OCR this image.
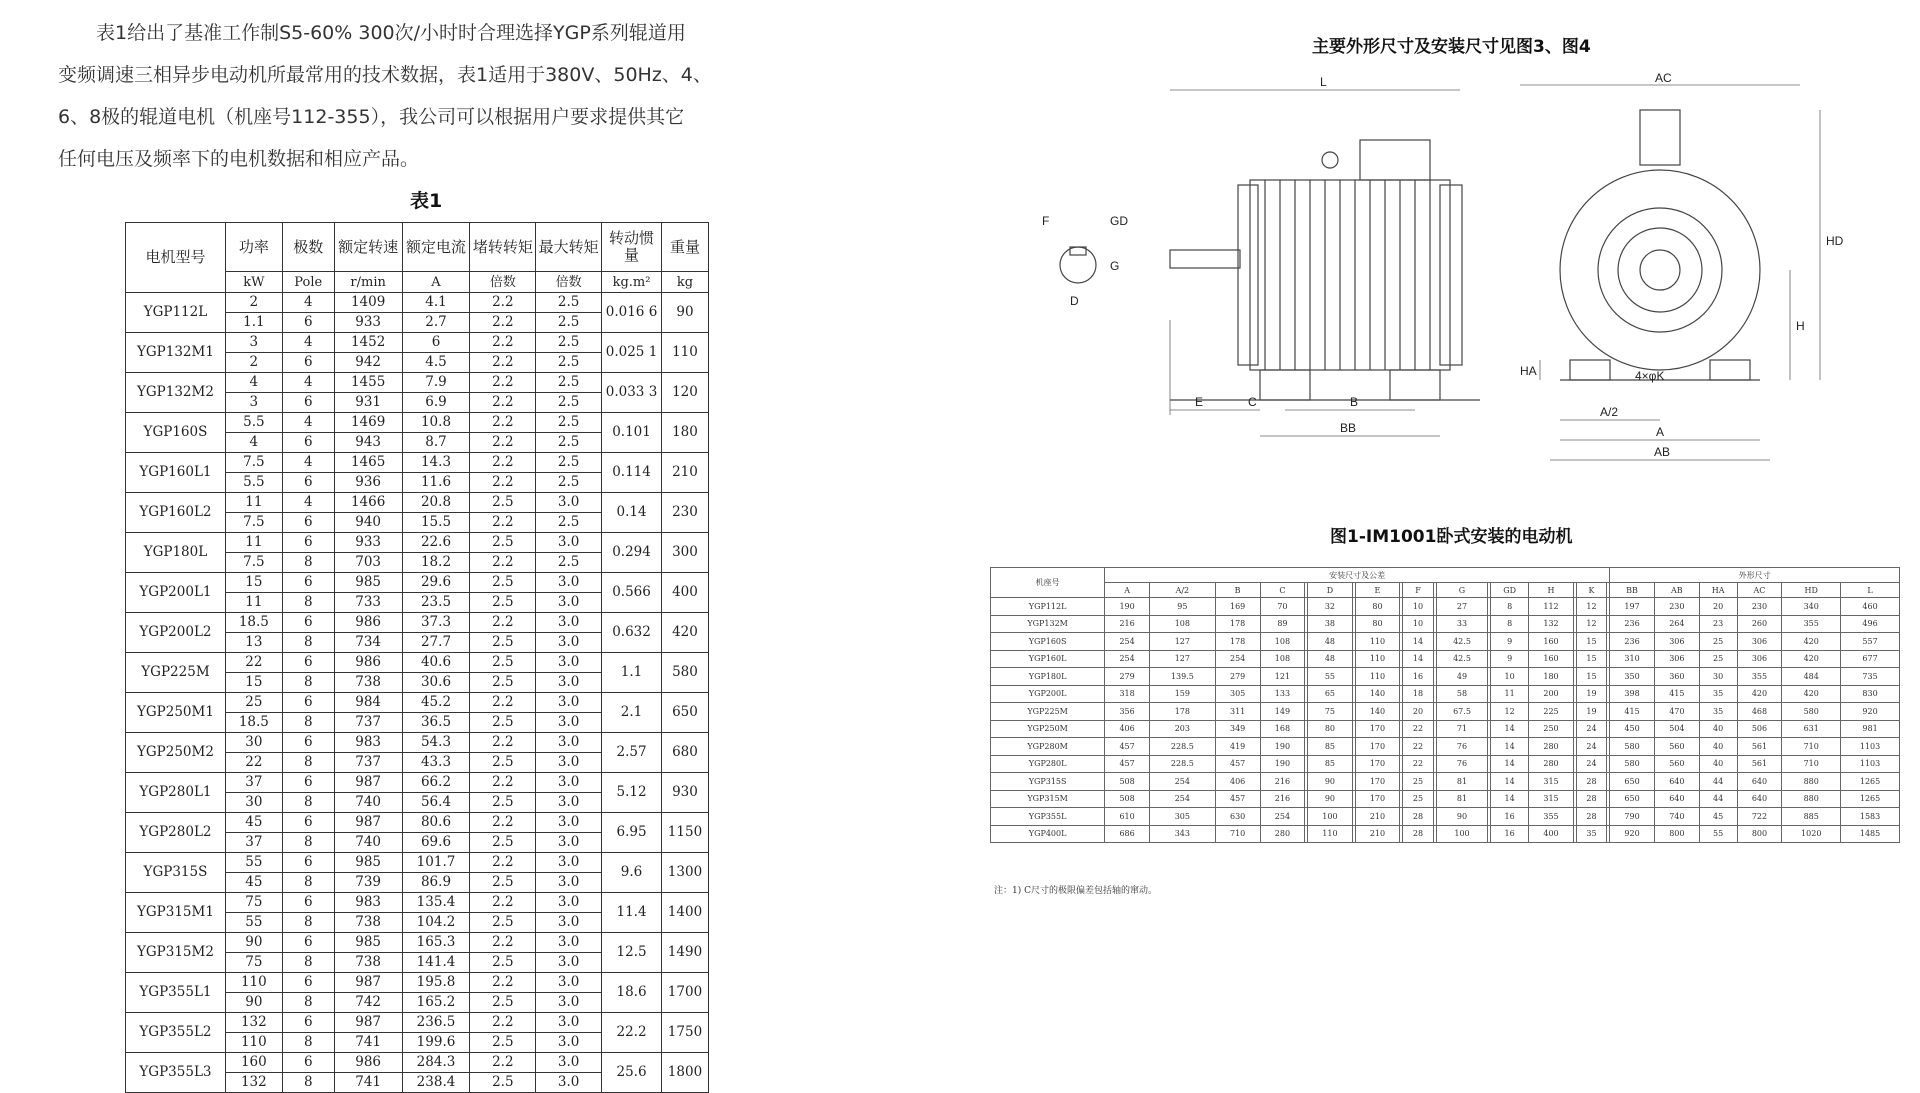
　　表1给出了基准工作制S5-60% 300次/小时时合理选择YGP系列辊道用

变频调速三相异步电动机所最常用的技术数据，表1适用于380V、50Hz、4、

6、8极的辊道电机（机座号112-355），我公司可以根据用户要求提供其它

任何电压及频率下的电机数据和相应产品。

表1
电机型号	功率	极数	额定转速	额定电流	堵转转矩	最大转矩	转动惯量	重量
	kW	Pole	r/min	A	倍数	倍数	kg.m²	kg
YGP112L	2	4	1409	4.1	2.2	2.5	0.016 6	90
	1.1	6	933	2.7	2.2	2.5		
YGP132M1	3	4	1452	6	2.2	2.5	0.025 1	110
	2	6	942	4.5	2.2	2.5		
YGP132M2	4	4	1455	7.9	2.2	2.5	0.033 3	120
	3	6	931	6.9	2.2	2.5		
YGP160S	5.5	4	1469	10.8	2.2	2.5	0.101	180
	4	6	943	8.7	2.2	2.5		
YGP160L1	7.5	4	1465	14.3	2.2	2.5	0.114	210
	5.5	6	936	11.6	2.2	2.5		
YGP160L2	11	4	1466	20.8	2.5	3.0	0.14	230
	7.5	6	940	15.5	2.2	2.5		
YGP180L	11	6	933	22.6	2.5	3.0	0.294	300
	7.5	8	703	18.2	2.2	2.5		
YGP200L1	15	6	985	29.6	2.5	3.0	0.566	400
	11	8	733	23.5	2.5	3.0		
YGP200L2	18.5	6	986	37.3	2.2	3.0	0.632	420
	13	8	734	27.7	2.5	3.0		
YGP225M	22	6	986	40.6	2.5	3.0	1.1	580
	15	8	738	30.6	2.5	3.0		
YGP250M1	25	6	984	45.2	2.2	3.0	2.1	650
	18.5	8	737	36.5	2.5	3.0		
YGP250M2	30	6	983	54.3	2.2	3.0	2.57	680
	22	8	737	43.3	2.5	3.0		
YGP280L1	37	6	987	66.2	2.2	3.0	5.12	930
	30	8	740	56.4	2.5	3.0		
YGP280L2	45	6	987	80.6	2.2	3.0	6.95	1150
	37	8	740	69.6	2.5	3.0		
YGP315S	55	6	985	101.7	2.2	3.0	9.6	1300
	45	8	739	86.9	2.5	3.0		
YGP315M1	75	6	983	135.4	2.2	3.0	11.4	1400
	55	8	738	104.2	2.5	3.0		
YGP315M2	90	6	985	165.3	2.2	3.0	12.5	1490
	75	8	738	141.4	2.5	3.0		
YGP355L1	110	6	987	195.8	2.2	3.0	18.6	1700
	90	8	742	165.2	2.5	3.0		
YGP355L2	132	6	987	236.5	2.2	3.0	22.2	1750
	110	8	741	199.6	2.5	3.0		
YGP355L3	160	6	986	284.3	2.2	3.0	25.6	1800
	132	8	741	238.4	2.5	3.0		
主要外形尺寸及安装尺寸见图3、图4
L	AC
HD
H
HA
F	GD
G
D
E	C	B
BB
4×φK
A/2
A
AB
图1-IM1001卧式安装的电动机
机座号	安装尺寸及公差																		外形尺寸					
	A	A/2	B	C		D		E		F		G		GD	H		K		BB	AB	HA	AC	HD	L
YGP112L	190	95	169	70		32		80		10		27		8	112		12		197	230	20	230	340	460
YGP132M	216	108	178	89		38		80		10		33		8	132		12		236	264	23	260	355	496
YGP160S	254	127	178	108		48		110		14		42.5		9	160		15		236	306	25	306	420	557
YGP160L	254	127	254	108		48		110		14		42.5		9	160		15		310	306	25	306	420	677
YGP180L	279	139.5	279	121		55		110		16		49		10	180		15		350	360	30	355	484	735
YGP200L	318	159	305	133		65		140		18		58		11	200		19		398	415	35	420	420	830
YGP225M	356	178	311	149		75		140		20		67.5		12	225		19		415	470	35	468	580	920
YGP250M	406	203	349	168		80		170		22		71		14	250		24		450	504	40	506	631	981
YGP280M	457	228.5	419	190		85		170		22		76		14	280		24		580	560	40	561	710	1103
YGP280L	457	228.5	457	190		85		170		22		76		14	280		24		580	560	40	561	710	1103
YGP315S	508	254	406	216		90		170		25		81		14	315		28		650	640	44	640	880	1265
YGP315M	508	254	457	216		90		170		25		81		14	315		28		650	640	44	640	880	1265
YGP355L	610	305	630	254		100		210		28		90		16	355		28		790	740	45	722	885	1583
YGP400L	686	343	710	280		110		210		28		100		16	400		35		920	800	55	800	1020	1485
注：1) C尺寸的极限偏差包括轴的窜动。
